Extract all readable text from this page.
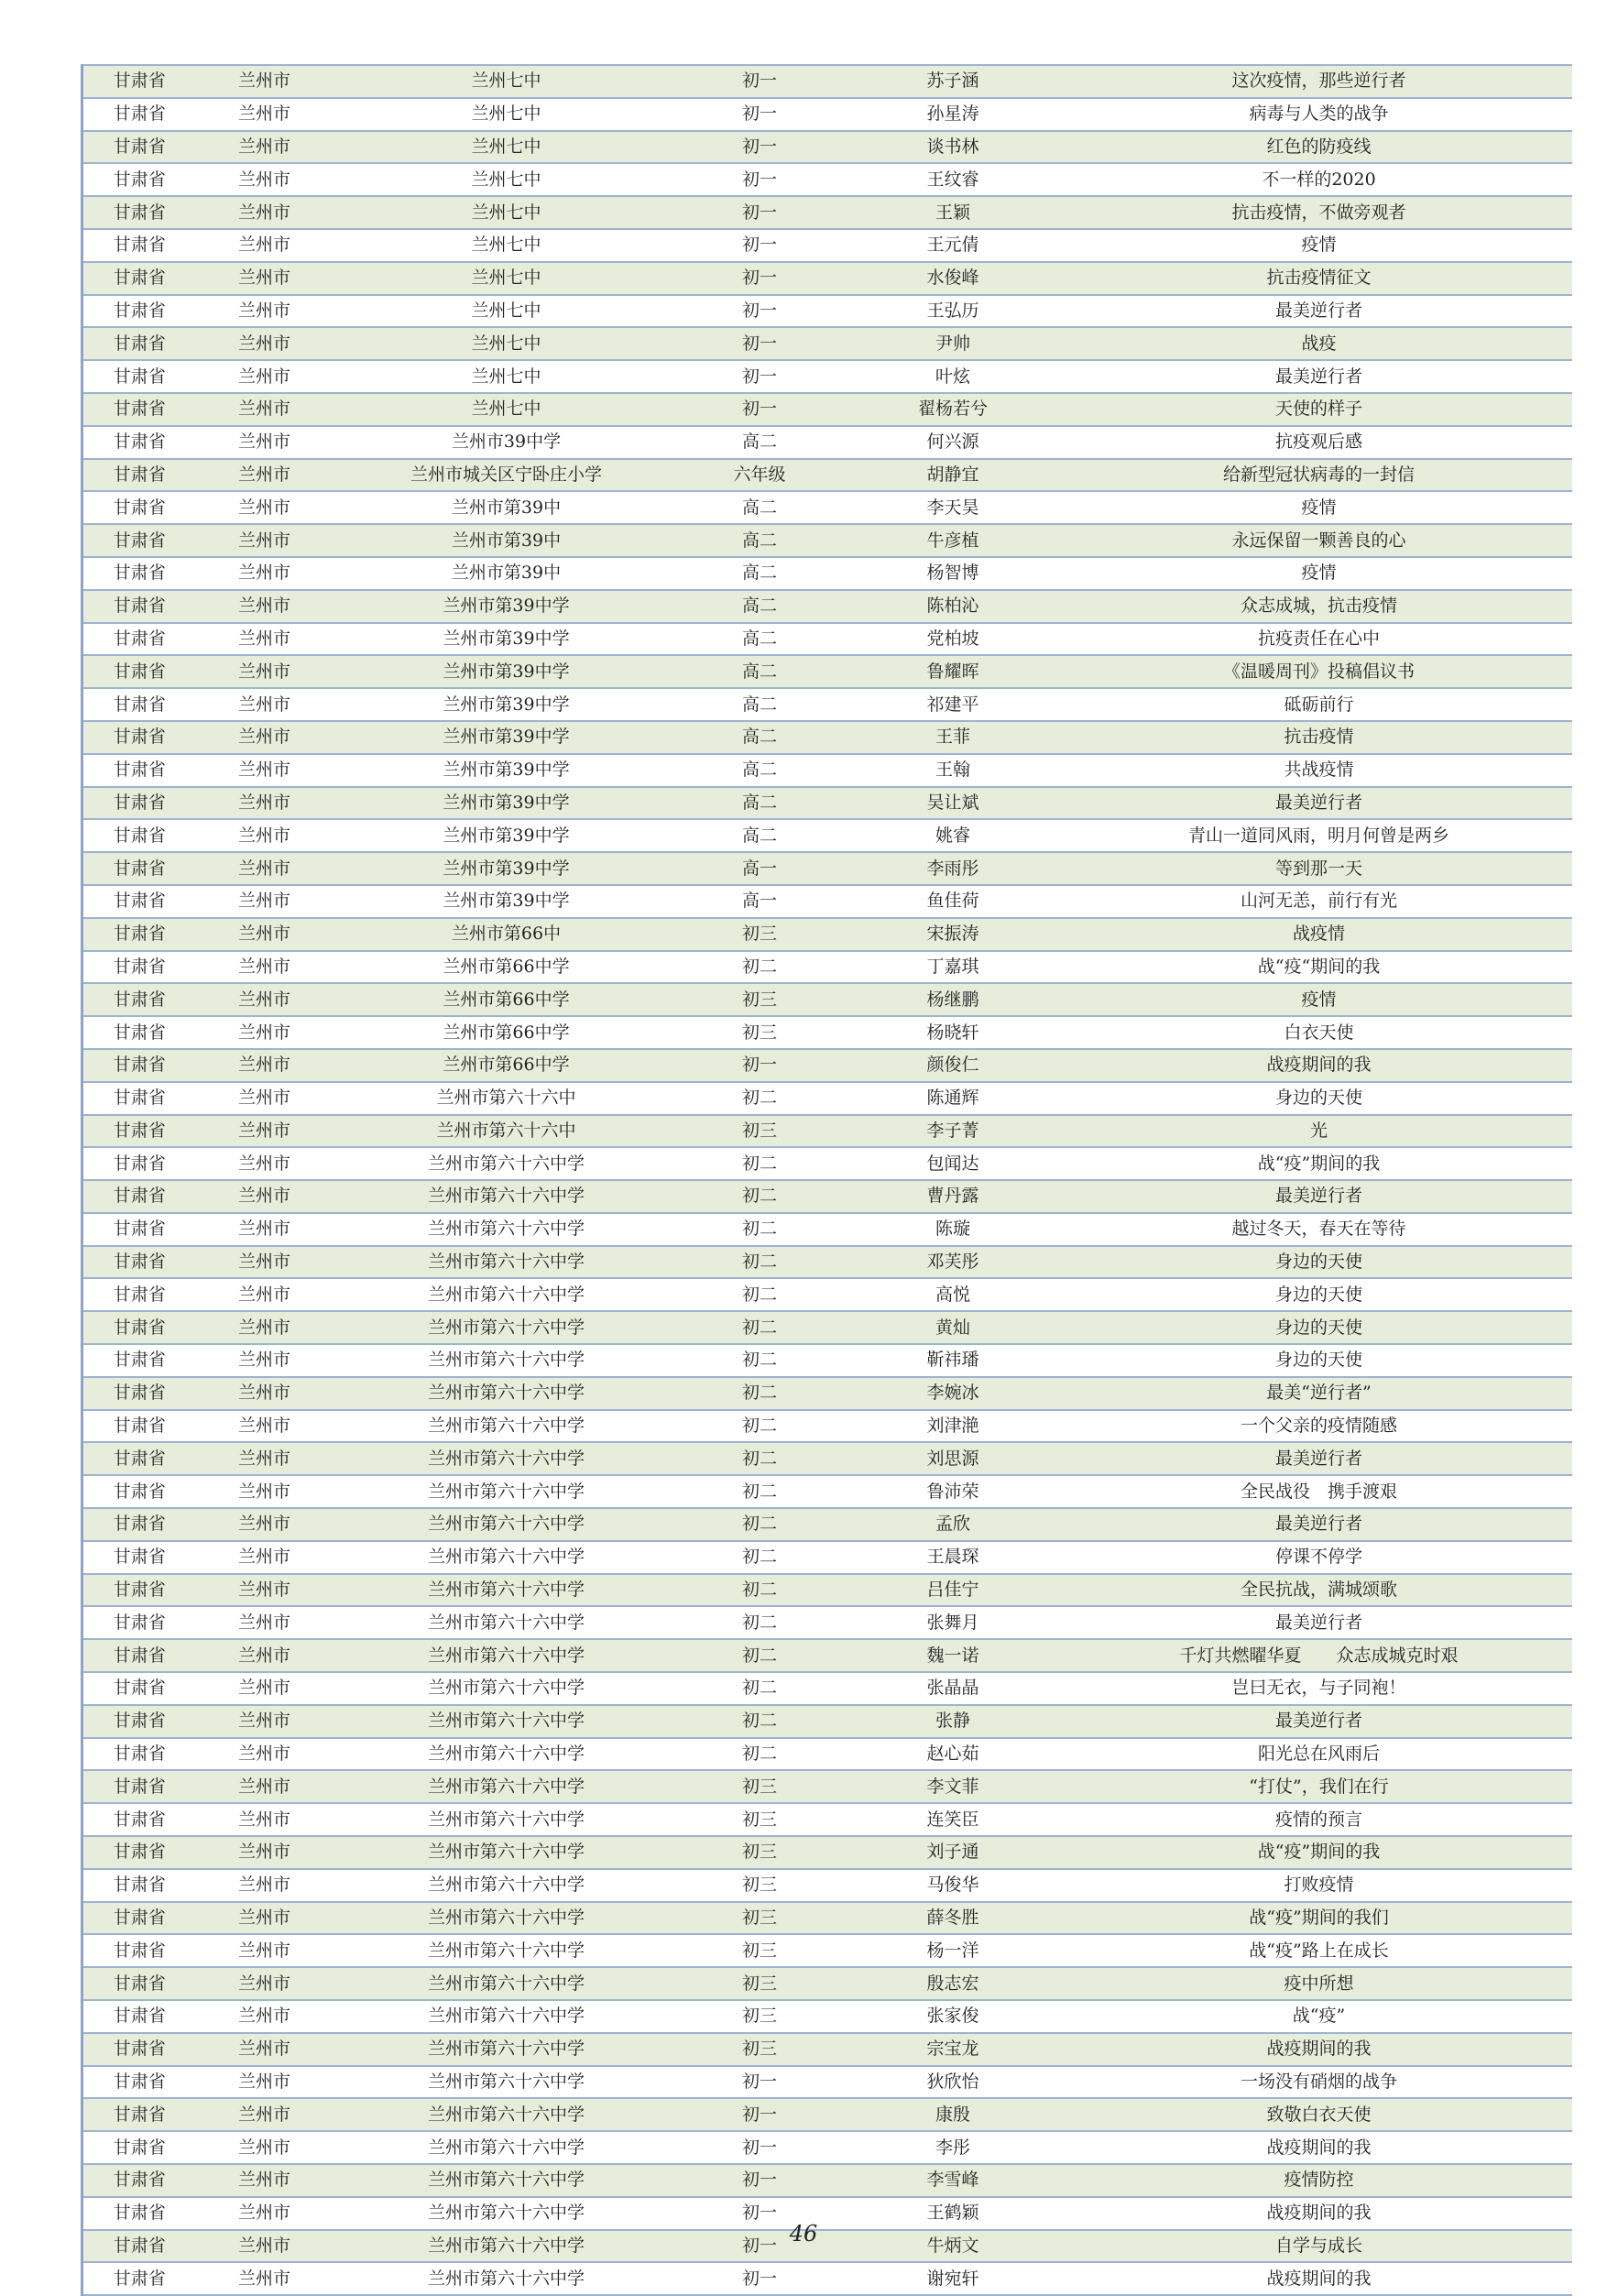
甘肃省	兰州市	兰州七中	初一	苏子涵	这次疫情，那些逆行者
甘肃省	兰州市	兰州七中	初一	孙星涛	病毒与人类的战争
甘肃省	兰州市	兰州七中	初一	谈书林	红色的防疫线
甘肃省	兰州市	兰州七中	初一	王纹睿	不一样的2020
甘肃省	兰州市	兰州七中	初一	王颖	抗击疫情，不做旁观者
甘肃省	兰州市	兰州七中	初一	王元倩	疫情
甘肃省	兰州市	兰州七中	初一	水俊峰	抗击疫情征文
甘肃省	兰州市	兰州七中	初一	王弘历	最美逆行者
甘肃省	兰州市	兰州七中	初一	尹帅	战疫
甘肃省	兰州市	兰州七中	初一	叶炫	最美逆行者
甘肃省	兰州市	兰州七中	初一	翟杨若兮	天使的样子
甘肃省	兰州市	兰州市39中学	高二	何兴源	抗疫观后感
甘肃省	兰州市	兰州市城关区宁卧庄小学	六年级	胡静宜	给新型冠状病毒的一封信
甘肃省	兰州市	兰州市第39中	高二	李天昊	疫情
甘肃省	兰州市	兰州市第39中	高二	牛彦植	永远保留一颗善良的心
甘肃省	兰州市	兰州市第39中	高二	杨智博	疫情
甘肃省	兰州市	兰州市第39中学	高二	陈柏沁	众志成城，抗击疫情
甘肃省	兰州市	兰州市第39中学	高二	党柏坡	抗疫责任在心中
甘肃省	兰州市	兰州市第39中学	高二	鲁耀晖	《温暖周刊》投稿倡议书
甘肃省	兰州市	兰州市第39中学	高二	祁建平	砥砺前行
甘肃省	兰州市	兰州市第39中学	高二	王菲	抗击疫情
甘肃省	兰州市	兰州市第39中学	高二	王翰	共战疫情
甘肃省	兰州市	兰州市第39中学	高二	吴让斌	最美逆行者
甘肃省	兰州市	兰州市第39中学	高二	姚睿	青山一道同风雨，明月何曾是两乡
甘肃省	兰州市	兰州市第39中学	高一	李雨彤	等到那一天
甘肃省	兰州市	兰州市第39中学	高一	鱼佳荷	山河无恙，前行有光
甘肃省	兰州市	兰州市第66中	初三	宋振涛	战疫情
甘肃省	兰州市	兰州市第66中学	初二	丁嘉琪	战“疫“期间的我
甘肃省	兰州市	兰州市第66中学	初三	杨继鹏	疫情
甘肃省	兰州市	兰州市第66中学	初三	杨晓轩	白衣天使
甘肃省	兰州市	兰州市第66中学	初一	颜俊仁	战疫期间的我
甘肃省	兰州市	兰州市第六十六中	初二	陈通辉	身边的天使
甘肃省	兰州市	兰州市第六十六中	初三	李子菁	光
甘肃省	兰州市	兰州市第六十六中学	初二	包闻达	战“疫”期间的我
甘肃省	兰州市	兰州市第六十六中学	初二	曹丹露	最美逆行者
甘肃省	兰州市	兰州市第六十六中学	初二	陈璇	越过冬天，春天在等待
甘肃省	兰州市	兰州市第六十六中学	初二	邓芙彤	身边的天使
甘肃省	兰州市	兰州市第六十六中学	初二	高悦	身边的天使
甘肃省	兰州市	兰州市第六十六中学	初二	黄灿	身边的天使
甘肃省	兰州市	兰州市第六十六中学	初二	靳祎璠	身边的天使
甘肃省	兰州市	兰州市第六十六中学	初二	李婉冰	最美“逆行者”
甘肃省	兰州市	兰州市第六十六中学	初二	刘津滟	一个父亲的疫情随感
甘肃省	兰州市	兰州市第六十六中学	初二	刘思源	最美逆行者
甘肃省	兰州市	兰州市第六十六中学	初二	鲁沛荣	全民战役　携手渡艰
甘肃省	兰州市	兰州市第六十六中学	初二	孟欣	最美逆行者
甘肃省	兰州市	兰州市第六十六中学	初二	王晨琛	停课不停学
甘肃省	兰州市	兰州市第六十六中学	初二	吕佳宁	全民抗战，满城颂歌
甘肃省	兰州市	兰州市第六十六中学	初二	张舞月	最美逆行者
甘肃省	兰州市	兰州市第六十六中学	初二	魏一诺	千灯共燃曜华夏　　众志成城克时艰
甘肃省	兰州市	兰州市第六十六中学	初二	张晶晶	岂曰无衣，与子同袍！
甘肃省	兰州市	兰州市第六十六中学	初二	张静	最美逆行者
甘肃省	兰州市	兰州市第六十六中学	初二	赵心茹	阳光总在风雨后
甘肃省	兰州市	兰州市第六十六中学	初三	李文菲	“打仗”，我们在行
甘肃省	兰州市	兰州市第六十六中学	初三	连笑臣	疫情的预言
甘肃省	兰州市	兰州市第六十六中学	初三	刘子通	战“疫”期间的我
甘肃省	兰州市	兰州市第六十六中学	初三	马俊华	打败疫情
甘肃省	兰州市	兰州市第六十六中学	初三	薛冬胜	战“疫”期间的我们
甘肃省	兰州市	兰州市第六十六中学	初三	杨一洋	战“疫”路上在成长
甘肃省	兰州市	兰州市第六十六中学	初三	殷志宏	疫中所想
甘肃省	兰州市	兰州市第六十六中学	初三	张家俊	战“疫”
甘肃省	兰州市	兰州市第六十六中学	初三	宗宝龙	战疫期间的我
甘肃省	兰州市	兰州市第六十六中学	初一	狄欣怡	一场没有硝烟的战争
甘肃省	兰州市	兰州市第六十六中学	初一	康殷	致敬白衣天使
甘肃省	兰州市	兰州市第六十六中学	初一	李彤	战疫期间的我
甘肃省	兰州市	兰州市第六十六中学	初一	李雪峰	疫情防控
甘肃省	兰州市	兰州市第六十六中学	初一	王鹤颖	战疫期间的我
甘肃省	兰州市	兰州市第六十六中学	初一	牛炳文	自学与成长
甘肃省	兰州市	兰州市第六十六中学	初一	谢宛轩	战疫期间的我
46
